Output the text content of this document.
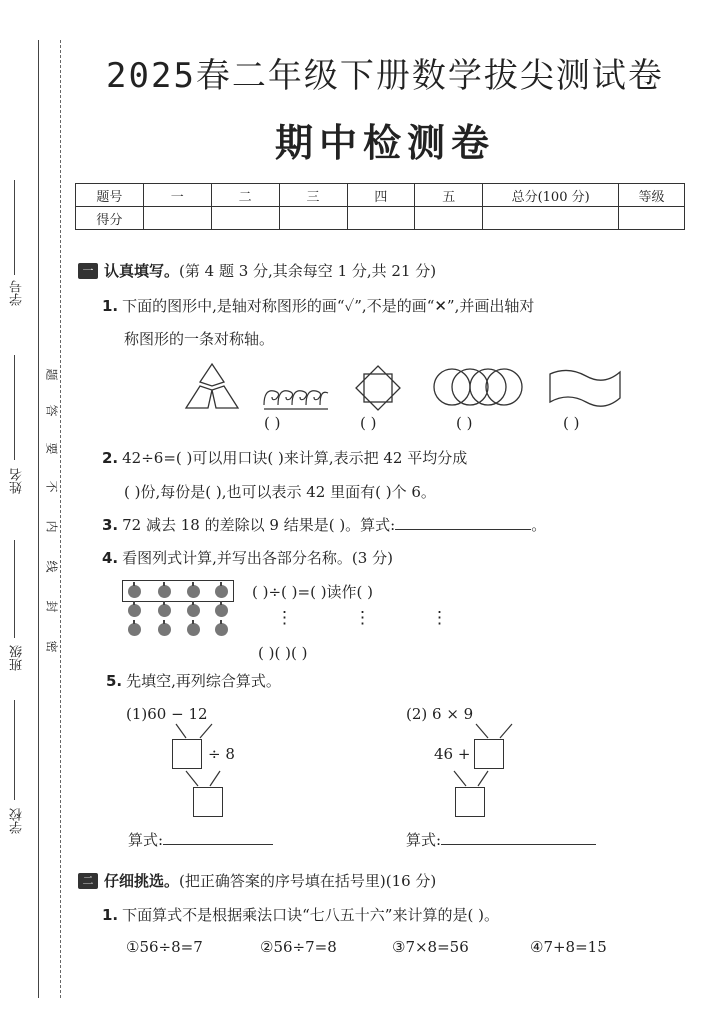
学号
姓名
班级
学校
题
答
要
不
内
线
封
密
2025春二年级下册数学拔尖测试卷
期中检测卷
题号	一	二	三	四	五	总分(100 分)	等级
得分							
一 认真填写。 (第 4 题 3 分,其余每空 1 分,共 21 分)
1. 下面的图形中,是轴对称图形的画“✓”,不是的画“✕”,并画出轴对
称图形的一条对称轴。
( )	( )	( )	( )
2. 42÷6=( )可以用口诀( )来计算,表示把 42 平均分成
( )份,每份是( ),也可以表示 42 里面有( )个 6。
3. 72 减去 18 的差除以 9 结果是( )。算式:	。
4. 看图列式计算,并写出各部分名称。(3 分)
( )÷( )=( )读作( )
⋮	⋮	⋮
( )( )( )
5. 先填空,再列综合算式。
(1)60 − 12
÷ 8
(2) 6 × 9
46 +
算式:	算式:
二 仔细挑选。 (把正确答案的序号填在括号里)(16 分)
1. 下面算式不是根据乘法口诀“七八五十六”来计算的是( )。
①56÷8=7	②56÷7=8	③7×8=56	④7+8=15
